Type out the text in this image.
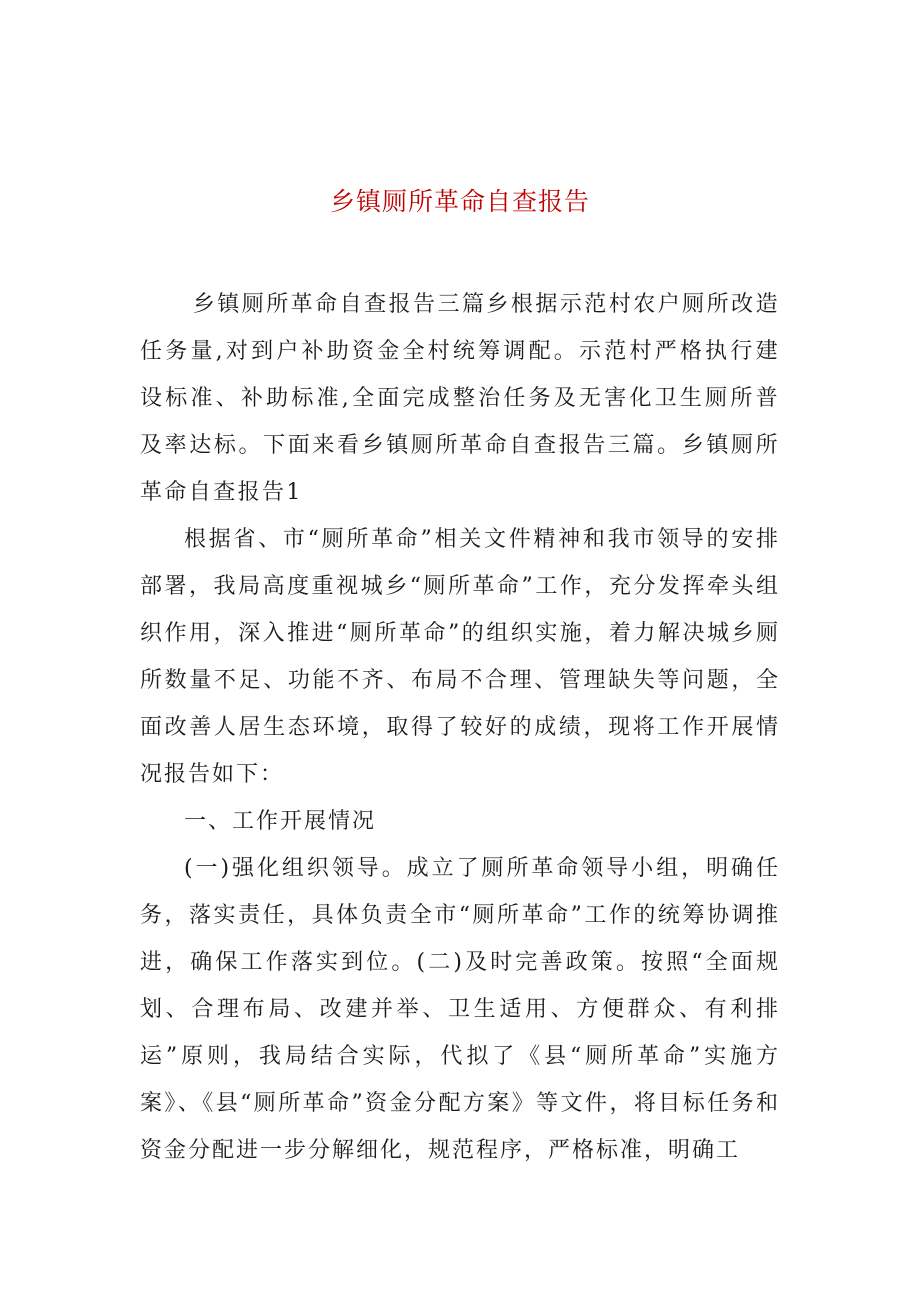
乡镇厕所革命自查报告

乡镇厕所革命自查报告三篇乡根据示范村农户厕所改造任务量,对到户补助资金全村统筹调配。示范村严格执行建设标准、补助标准,全面完成整治任务及无害化卫生厕所普及率达标。下面来看乡镇厕所革命自查报告三篇。乡镇厕所革命自查报告1

根据省、市“厕所革命”相关文件精神和我市领导的安排部署，我局高度重视城乡“厕所革命”工作，充分发挥牵头组织作用，深入推进“厕所革命”的组织实施，着力解决城乡厕所数量不足、功能不齐、布局不合理、管理缺失等问题，全面改善人居生态环境，取得了较好的成绩，现将工作开展情况报告如下：

一、工作开展情况

(一)强化组织领导。成立了厕所革命领导小组，明确任务，落实责任，具体负责全市“厕所革命”工作的统筹协调推进，确保工作落实到位。(二)及时完善政策。按照“全面规划、合理布局、改建并举、卫生适用、方便群众、有利排运”原则，我局结合实际，代拟了《县“厕所革命”实施方案》、《县“厕所革命”资金分配方案》等文件，将目标任务和资金分配进一步分解细化，规范程序，严格标准，明确工
